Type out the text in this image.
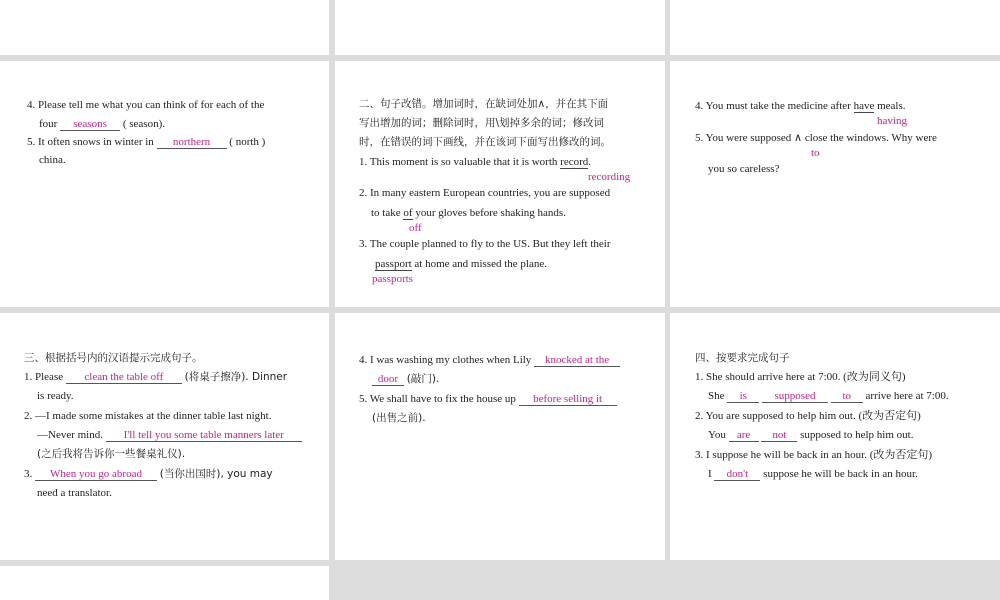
4. Please tell me what you can think of for each of the
four seasons ( season).
5. It often snows in winter in northern ( north )
china.
二、句子改错。增加词时，在缺词处加∧，并在其下面
写出增加的词；删除词时，用\划掉多余的词；修改词
时，在错误的词下画线，并在该词下面写出修改的词。
1. This moment is so valuable that it is worth record.
recording
2. In many eastern European countries, you are supposed
to take of your gloves before shaking hands.
off
3. The couple planned to fly to the US. But they left their
passport at home and missed the plane.
passports
4. You must take the medicine after have meals.
having
5. You were supposed ∧ close the windows. Why were
to
you so careless?
三、根据括号内的汉语提示完成句子。
1. Please clean the table off (将桌子擦净). Dinner
is ready.
2. —I made some mistakes at the dinner table last night.
—Never mind. I'll tell you some table manners later
(之后我将告诉你一些餐桌礼仪).
3. When you go abroad (当你出国时), you may
need a translator.
4. I was washing my clothes when Lily knocked at the
door (敲门).
5. We shall have to fix the house up before selling it
(出售之前).
四、按要求完成句子
1. She should arrive here at 7:00. (改为同义句)
She is	supposed to arrive here at 7:00.
2. You are supposed to help him out. (改为否定句)
You are not supposed to help him out.
3. I suppose he will be back in an hour. (改为否定句)
I don't suppose he will be back in an hour.
